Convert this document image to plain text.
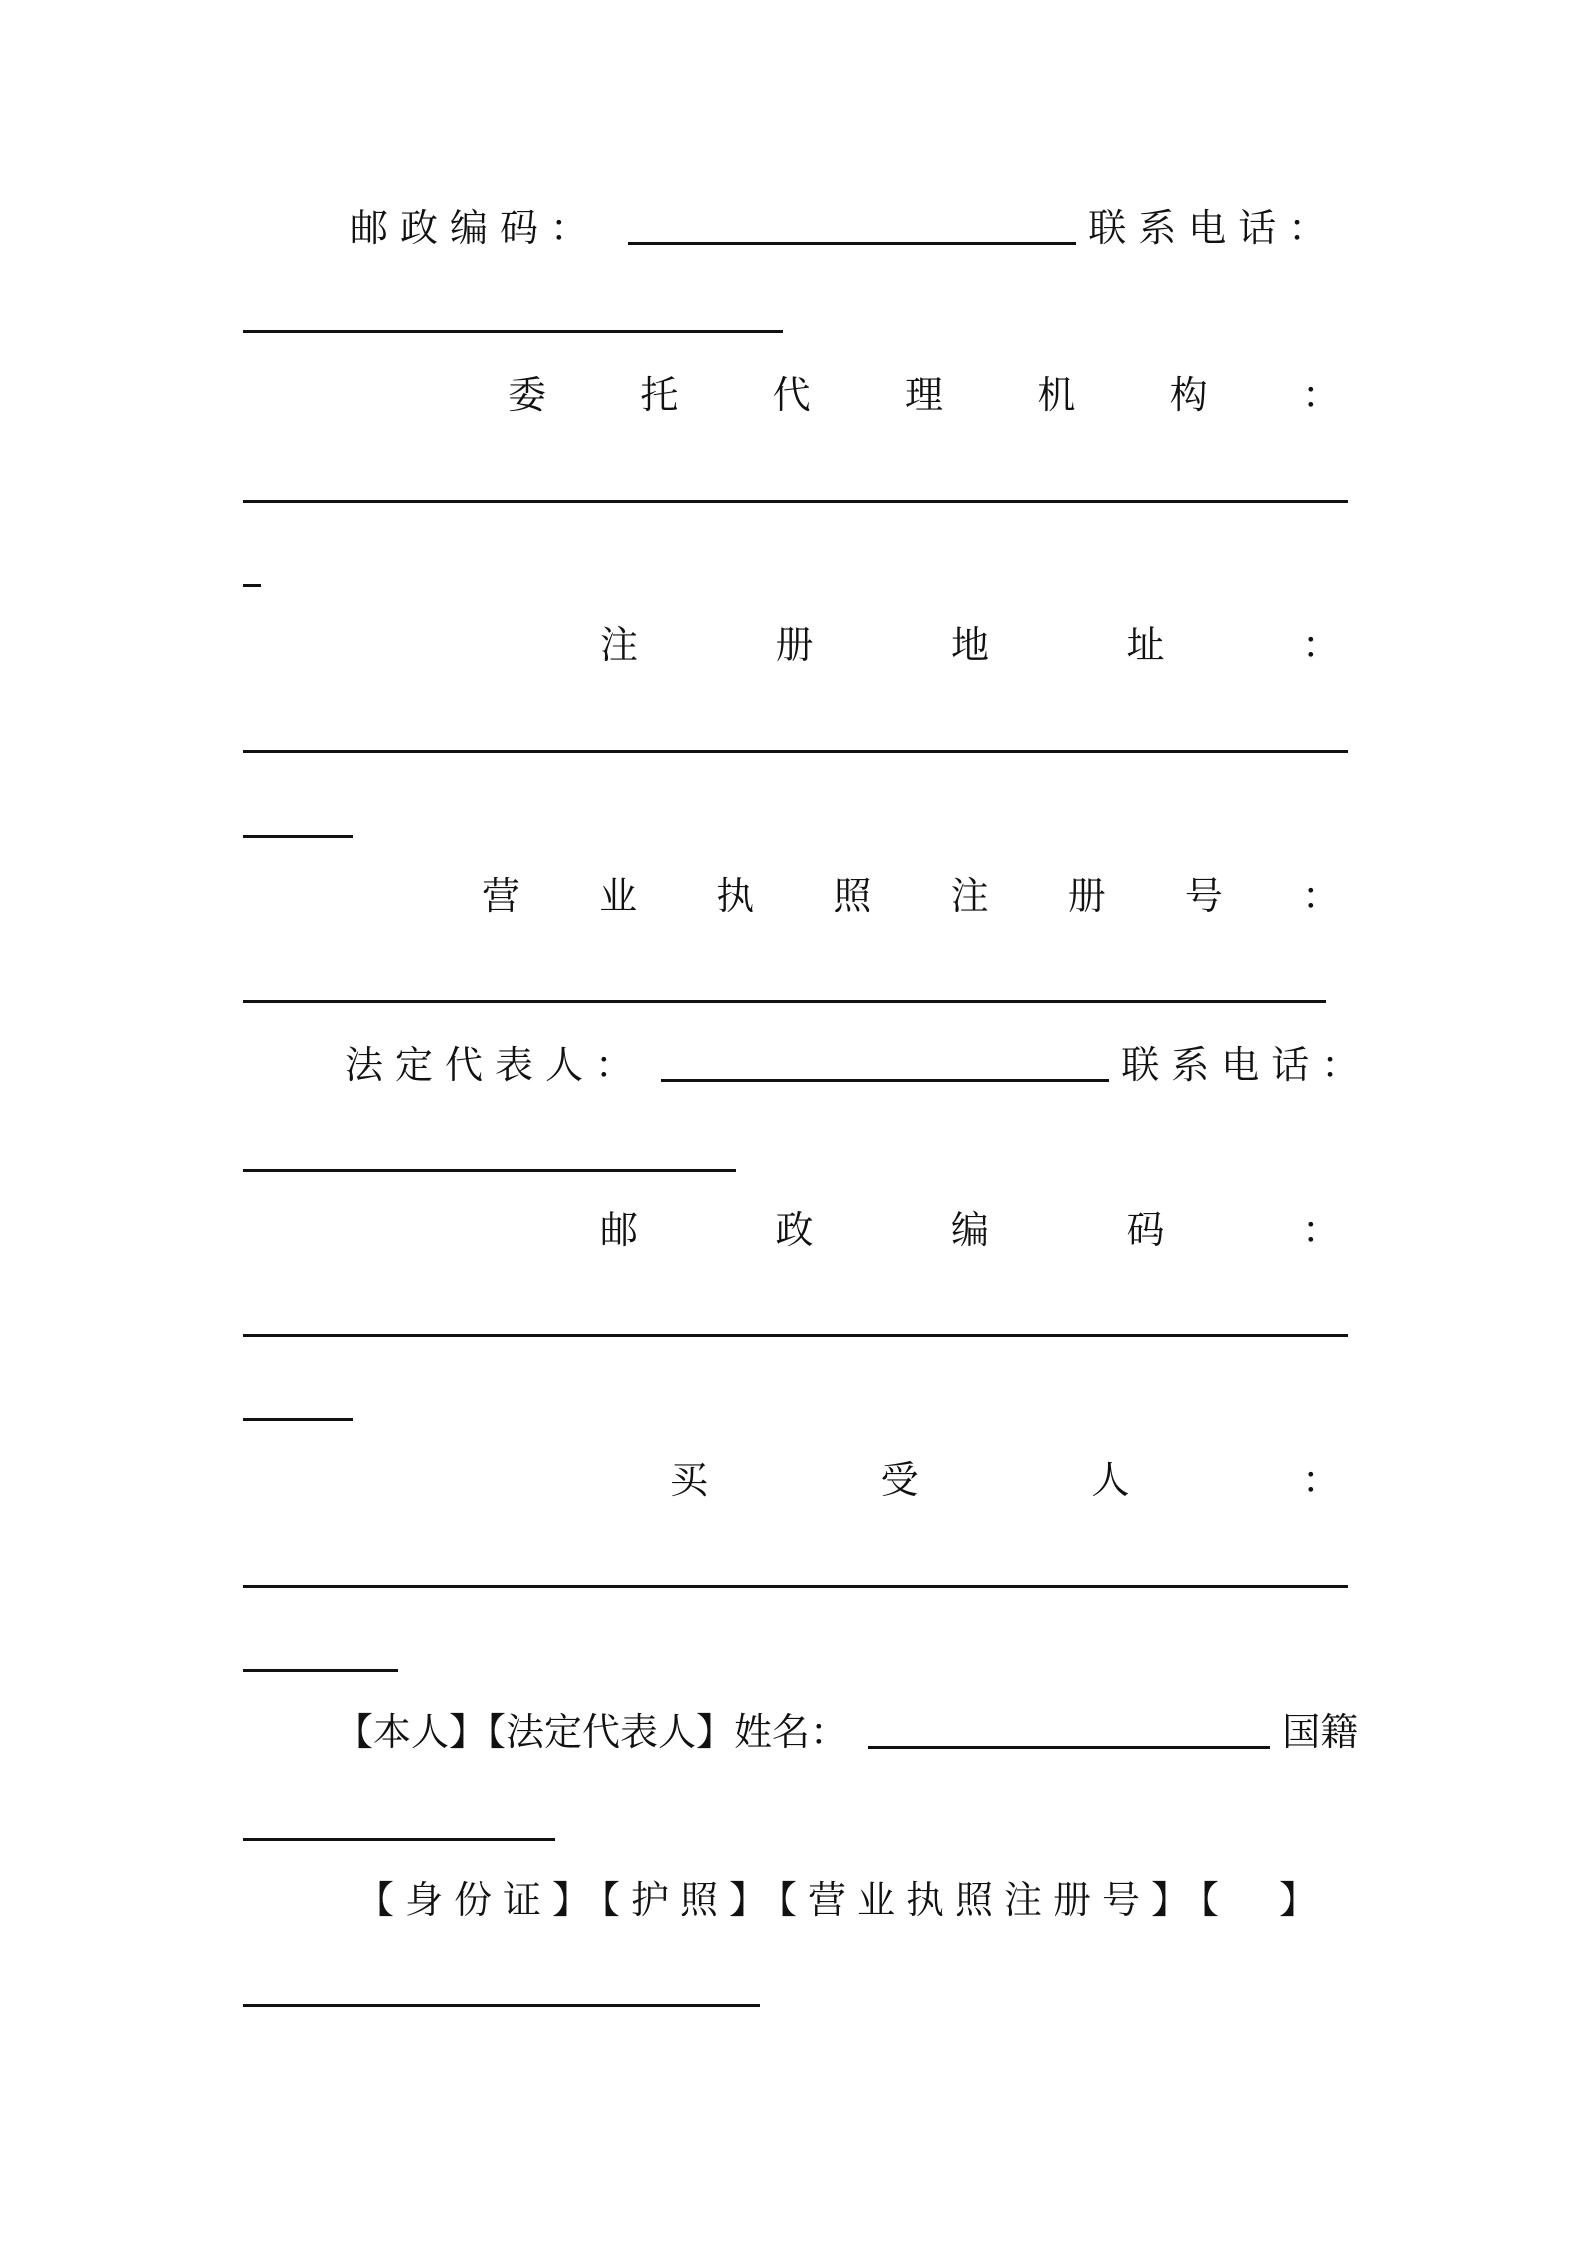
邮政编码：	联系电话：
委 托 代 理 机 构 ：
注	册	地	址	：
营 业 执 照 注 册 号 ：
法定代表人：	联系电话：
邮	政	编	码	：
买	受	人	：
【本人】【法定代表人】姓名：	国籍
【身份证】【护照】【营业执照注册号】【　】
